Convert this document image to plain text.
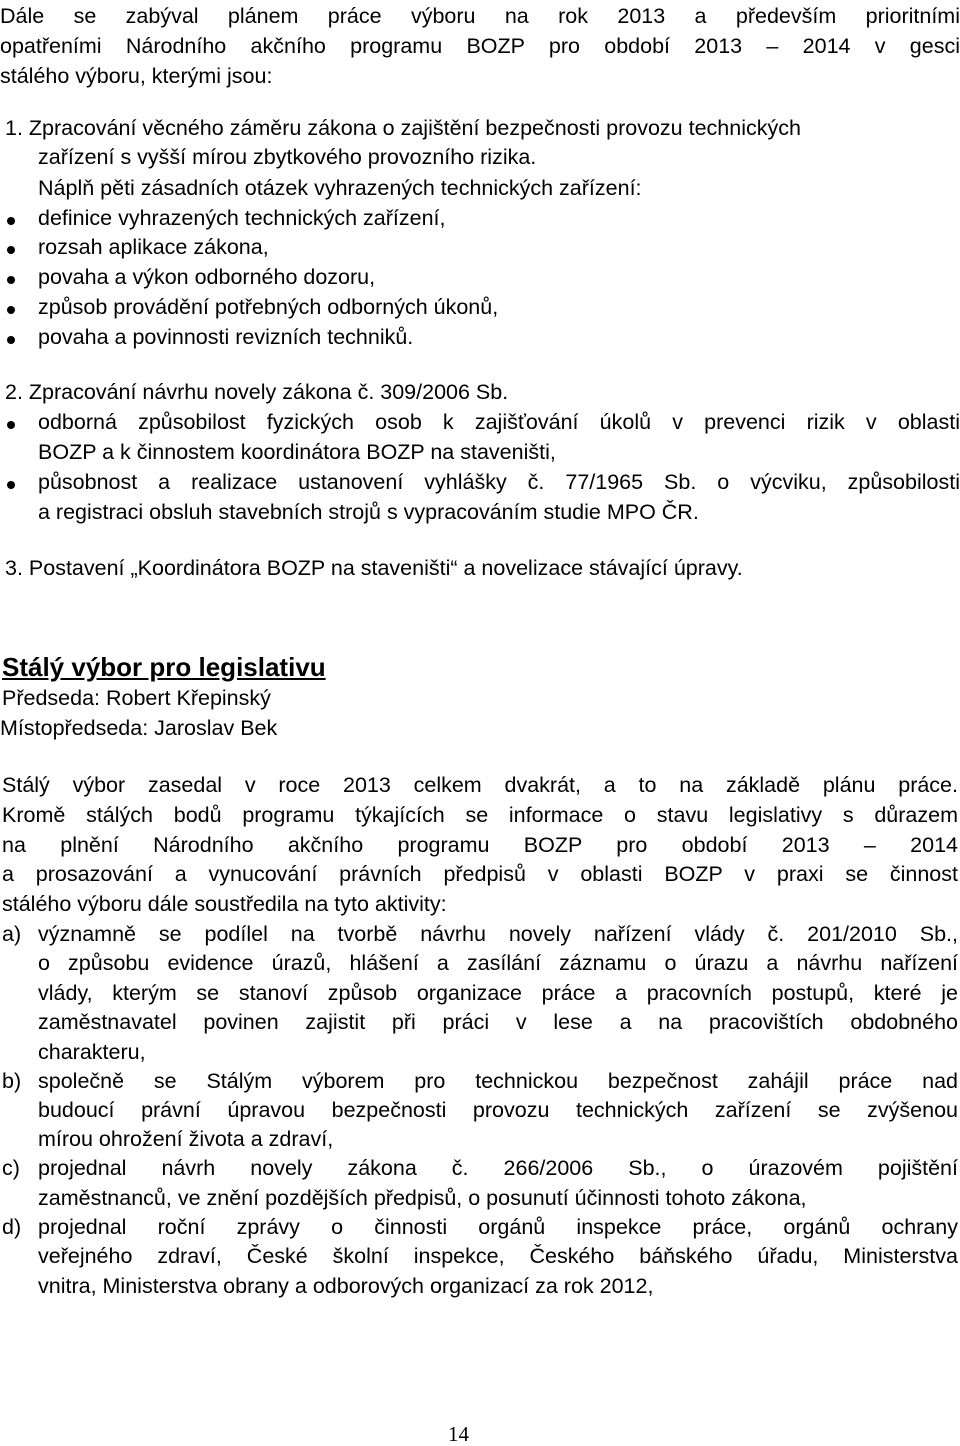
Dále se zabýval plánem práce výboru na rok 2013 a především prioritními
opatřeními Národního akčního programu BOZP pro období 2013 – 2014 v gesci
stálého výboru, kterými jsou:
1. Zpracování věcného záměru zákona o zajištění bezpečnosti provozu technických
zařízení s vyšší mírou zbytkového provozního rizika.
Náplň pěti zásadních otázek vyhrazených technických zařízení:
definice vyhrazených technických zařízení,
rozsah aplikace zákona,
povaha a výkon odborného dozoru,
způsob provádění potřebných odborných úkonů,
povaha a povinnosti revizních techniků.
2. Zpracování návrhu novely zákona č. 309/2006 Sb.
odborná způsobilost fyzických osob k zajišťování úkolů v prevenci rizik v oblasti
BOZP a k činnostem koordinátora BOZP na staveništi,
působnost a realizace ustanovení vyhlášky č. 77/1965 Sb. o výcviku, způsobilosti
a registraci obsluh stavebních strojů s vypracováním studie MPO ČR.
3. Postavení „Koordinátora BOZP na staveništi“ a novelizace stávající úpravy.
Stálý výbor pro legislativu
Předseda: Robert Křepinský
Místopředseda: Jaroslav Bek
Stálý výbor zasedal v roce 2013 celkem dvakrát, a to na základě plánu práce.
Kromě stálých bodů programu týkajících se informace o stavu legislativy s důrazem
na plnění Národního akčního programu BOZP pro období 2013 – 2014
a prosazování a vynucování právních předpisů v oblasti BOZP v praxi se činnost
stálého výboru dále soustředila na tyto aktivity:
a) významně se podílel na tvorbě návrhu novely nařízení vlády č. 201/2010 Sb.,
o způsobu evidence úrazů, hlášení a zasílání záznamu o úrazu a návrhu nařízení
vlády, kterým se stanoví způsob organizace práce a pracovních postupů, které je
zaměstnavatel povinen zajistit při práci v lese a na pracovištích obdobného
charakteru,
b) společně se Stálým výborem pro technickou bezpečnost zahájil práce nad
budoucí právní úpravou bezpečnosti provozu technických zařízení se zvýšenou
mírou ohrožení života a zdraví,
c) projednal návrh novely zákona č. 266/2006 Sb., o úrazovém pojištění
zaměstnanců, ve znění pozdějších předpisů, o posunutí účinnosti tohoto zákona,
d) projednal roční zprávy o činnosti orgánů inspekce práce, orgánů ochrany
veřejného zdraví, České školní inspekce, Českého báňského úřadu, Ministerstva
vnitra, Ministerstva obrany a odborových organizací za rok 2012,
14
